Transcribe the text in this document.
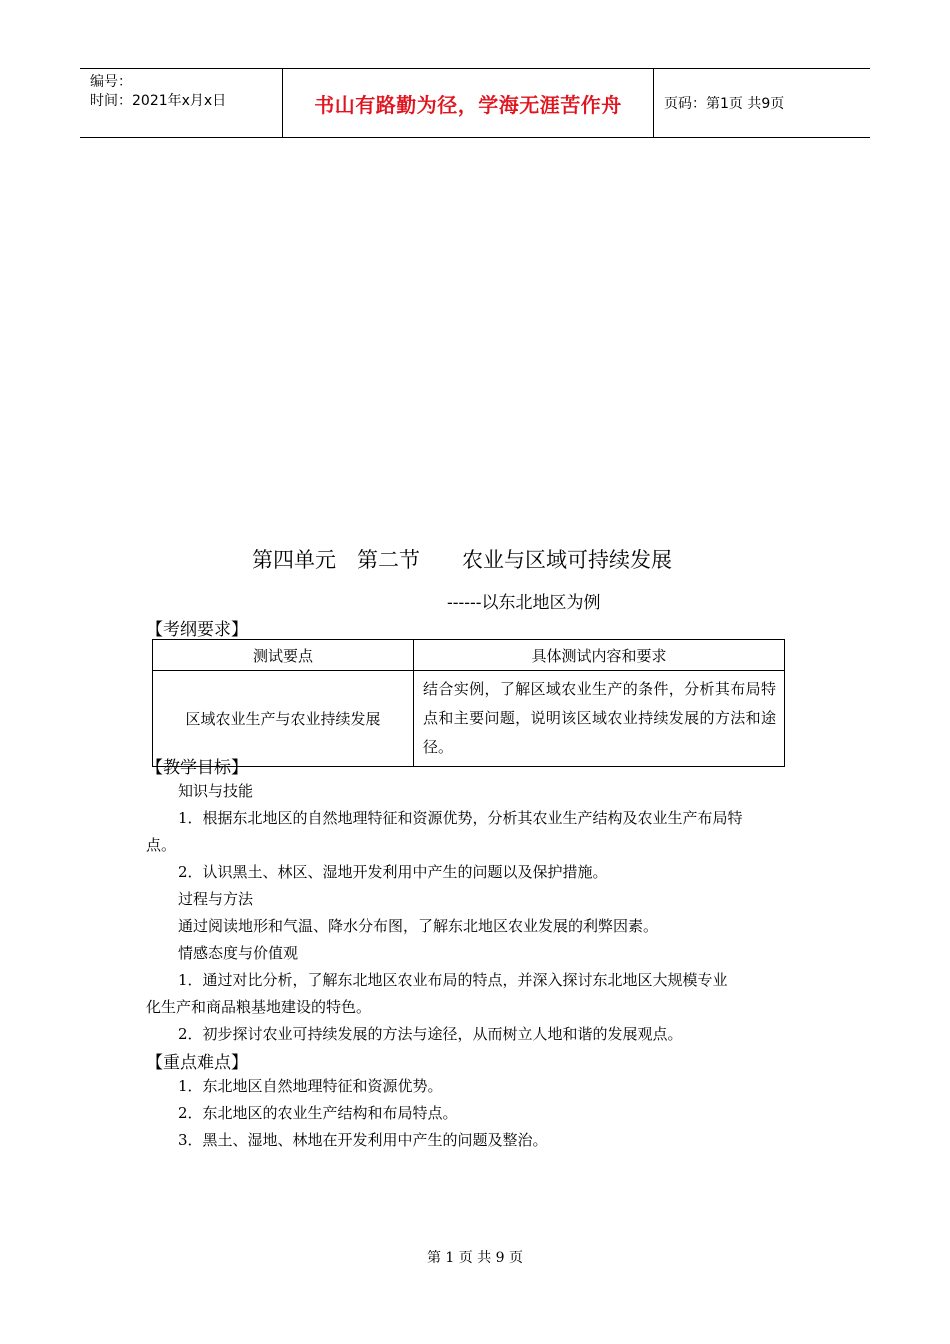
编号：
时间：2021年x月x日	书山有路勤为径，学海无涯苦作舟	页码：第1页 共9页
第四单元　第二节　　农业与区域可持续发展
------以东北地区为例
【考纲要求】
测试要点	具体测试内容和要求
区域农业生产与农业持续发展	结合实例，了解区域农业生产的条件，分析其布局特点和主要问题，说明该区域农业持续发展的方法和途径。
【教学目标】
知识与技能
1．根据东北地区的自然地理特征和资源优势，分析其农业生产结构及农业生产布局特
点。
2．认识黑土、林区、湿地开发利用中产生的问题以及保护措施。
过程与方法
通过阅读地形和气温、降水分布图，了解东北地区农业发展的利弊因素。
情感态度与价值观
1．通过对比分析，了解东北地区农业布局的特点，并深入探讨东北地区大规模专业
化生产和商品粮基地建设的特色。
2．初步探讨农业可持续发展的方法与途径，从而树立人地和谐的发展观点。
【重点难点】
1．东北地区自然地理特征和资源优势。
2．东北地区的农业生产结构和布局特点。
3．黑土、湿地、林地在开发利用中产生的问题及整治。
第 1 页 共 9 页
